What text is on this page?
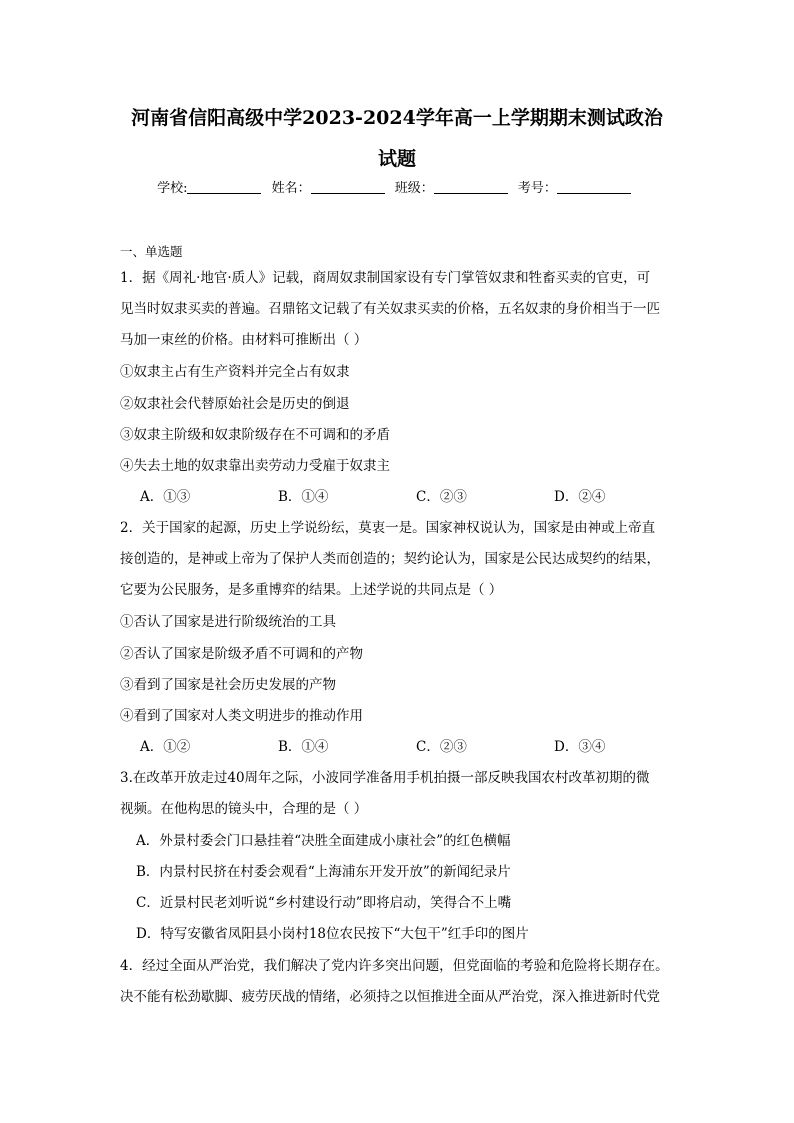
河南省信阳高级中学2023-2024学年高一上学期期末测试政治
试题
学校:	姓名：	班级：	考号：
一、单选题
1．据《周礼·地官·质人》记载，商周奴隶制国家设有专门掌管奴隶和牲畜买卖的官吏，可
见当时奴隶买卖的普遍。召鼎铭文记载了有关奴隶买卖的价格，五名奴隶的身价相当于一匹
马加一束丝的价格。由材料可推断出（ ）
①奴隶主占有生产资料并完全占有奴隶
②奴隶社会代替原始社会是历史的倒退
③奴隶主阶级和奴隶阶级存在不可调和的矛盾
④失去土地的奴隶靠出卖劳动力受雇于奴隶主
A．①③	B．①④	C．②③	D．②④
2．关于国家的起源，历史上学说纷纭，莫衷一是。国家神权说认为，国家是由神或上帝直
接创造的，是神或上帝为了保护人类而创造的；契约论认为，国家是公民达成契约的结果，
它要为公民服务，是多重博弈的结果。上述学说的共同点是（ ）
①否认了国家是进行阶级统治的工具
②否认了国家是阶级矛盾不可调和的产物
③看到了国家是社会历史发展的产物
④看到了国家对人类文明进步的推动作用
A．①②	B．①④	C．②③	D．③④
3.在改革开放走过40周年之际，小波同学准备用手机拍摄一部反映我国农村改革初期的微
视频。在他构思的镜头中，合理的是（ ）
A．外景村委会门口悬挂着“决胜全面建成小康社会”的红色横幅
B．内景村民挤在村委会观看“上海浦东开发开放”的新闻纪录片
C．近景村民老刘听说“乡村建设行动”即将启动，笑得合不上嘴
D．特写安徽省凤阳县小岗村18位农民按下“大包干”红手印的图片
4．经过全面从严治党，我们解决了党内许多突出问题，但党面临的考验和危险将长期存在。
决不能有松劲歇脚、疲劳厌战的情绪，必须持之以恒推进全面从严治党，深入推进新时代党
